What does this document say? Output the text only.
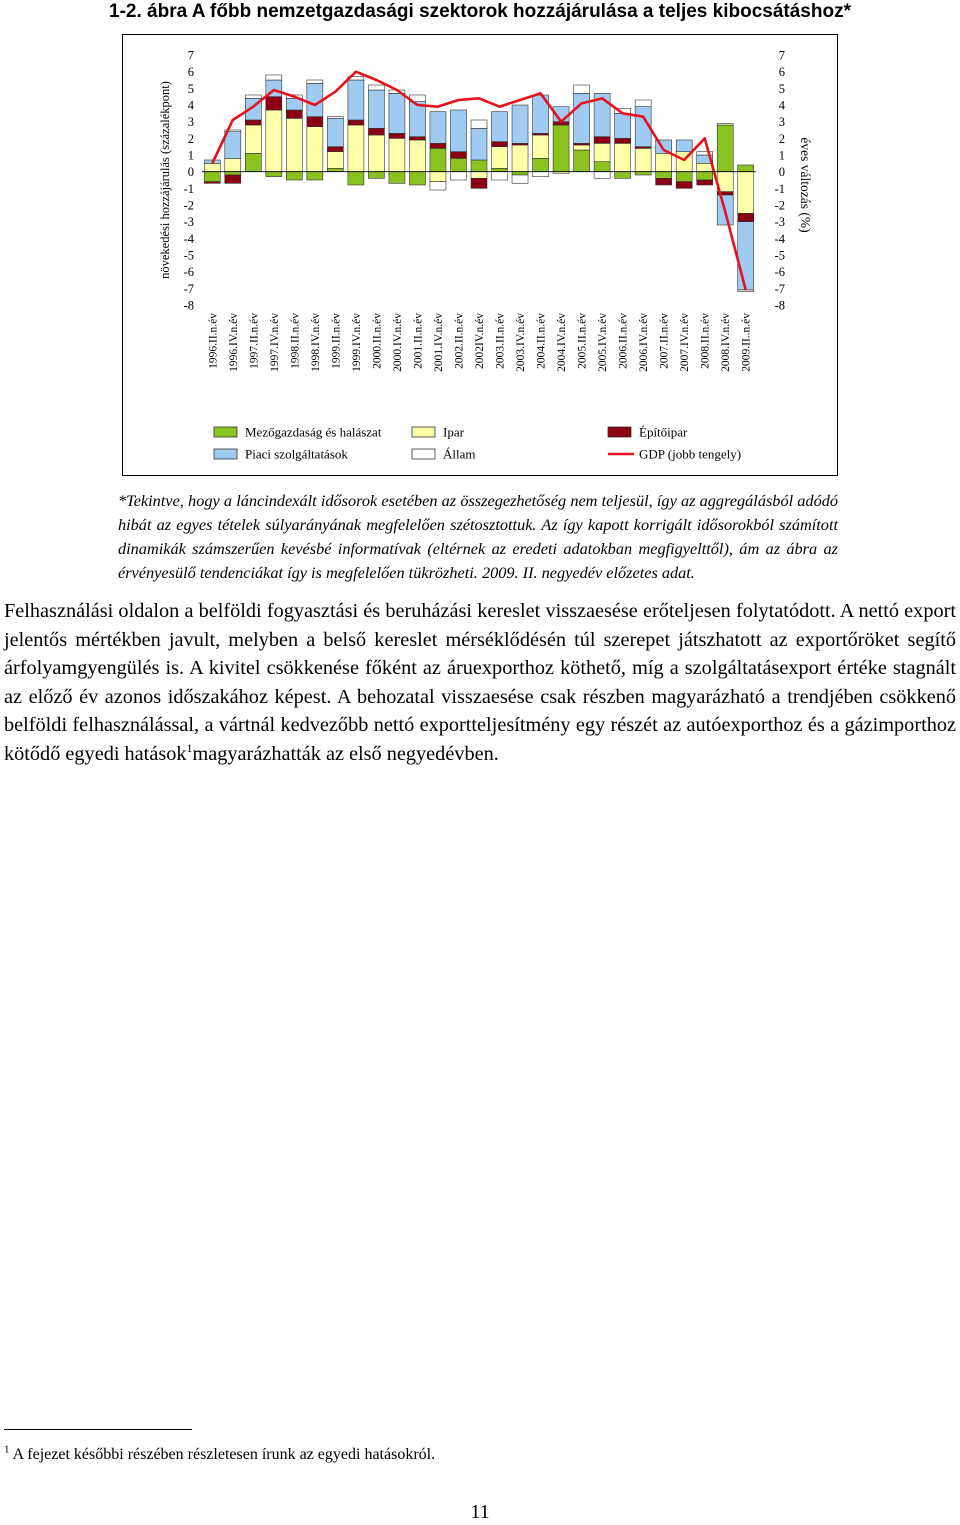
1-2. ábra A főbb nemzetgazdasági szektorok hozzájárulása a teljes kibocsátáshoz*
7	7
6	6
5	5
4	4
3	3
2	2
1	1
0	0
-1	-1
-2	-2
-3	-3
-4	-4
-5	-5
-6	-6
-7	-7
-8	-8
1996.II.n.év 1996.IV.n.év 1997.II.n.év 1997.IV.n.év 1998.II.n.év 1998.IV.n.év 1999.II.n.év 1999.IV.n.év 2000.II.n.év 2000.IV.n.év 2001.II.n.év 2001.IV.n.év 2002.II.n.év 2002IV.n.év 2003.II.n.év 2003.IV.n.év 2004.II.n.év 2004.IV.n.év 2005.II.n.év 2005.IV.n.év 2006.II.n.év 2006.IV.n.év 2007.II.n.év 2007.IV.n.év 2008.II.n.év 2008.IV.n.év 2009.II..n.év
növekedési hozzájárulás (százalékpont)	éves változás (%)
Mezőgazdaság és halászat	Ipar	Építőipar
Piaci szolgáltatások	Állam	GDP (jobb tengely)
*Tekintve, hogy a láncindexált idősorok esetében az összegezhetőség nem teljesül, így az aggregálásból adódó hibát az egyes tételek súlyarányának megfelelően szétosztottuk. Az így kapott korrigált idősorokból számított dinamikák számszerűen kevésbé informatívak (eltérnek az eredeti adatokban megfigyelttől), ám az ábra az érvényesülő tendenciákat így is megfelelően tükrözheti. 2009. II. negyedév előzetes adat.

Felhasználási oldalon a belföldi fogyasztási és beruházási kereslet visszaesése erőteljesen folytatódott. A nettó export jelentős mértékben javult, melyben a belső kereslet mérséklődésén túl szerepet játszhatott az exportőröket segítő árfolyamgyengülés is. A kivitel csökkenése főként az áruexporthoz köthető, míg a szolgáltatásexport értéke stagnált az előző év azonos időszakához képest. A behozatal visszaesése csak részben magyarázható a trendjében csökkenő belföldi felhasználással, a vártnál kedvezőbb nettó exportteljesítmény egy részét az autóexporthoz és a gázimporthoz kötődő egyedi hatások$^1$magyarázhatták az első negyedévben.

$^1$ A fejezet későbbi részében részletesen írunk az egyedi hatásokról.
11
